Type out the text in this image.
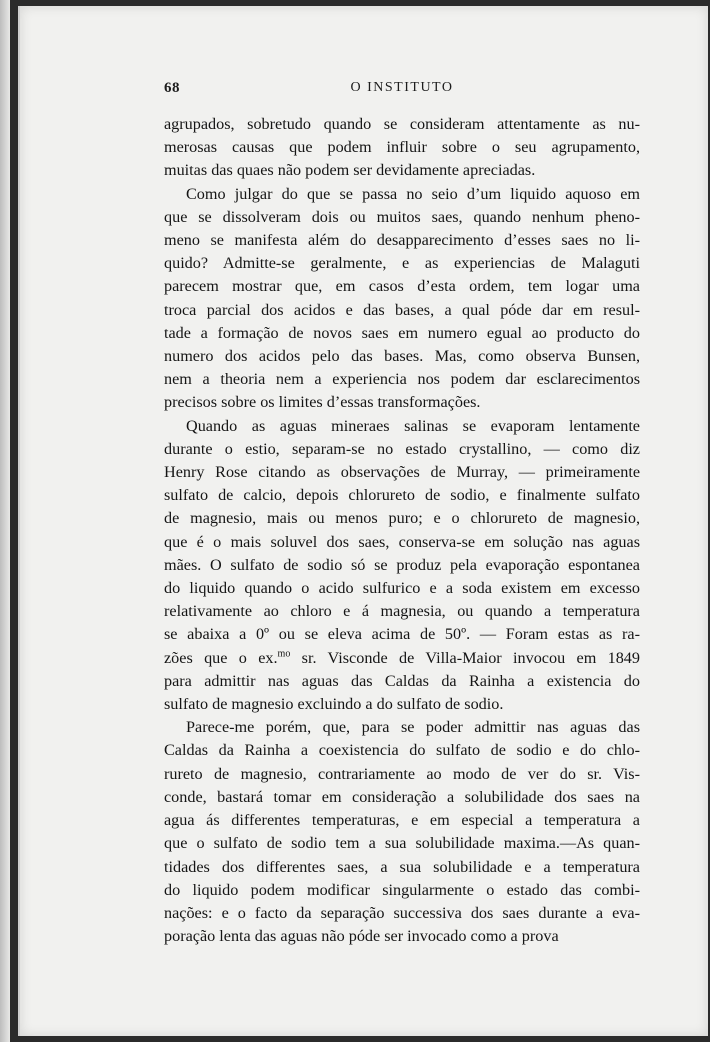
68	O INSTITUTO

agrupados, sobretudo quando se consideram attentamente as nu-
merosas causas que podem influir sobre o seu agrupamento,
muitas das quaes não podem ser devidamente apreciadas.

Como julgar do que se passa no seio d’um liquido aquoso em
que se dissolveram dois ou muitos saes, quando nenhum pheno-
meno se manifesta além do desapparecimento d’esses saes no li-
quido? Admitte-se geralmente, e as experiencias de Malaguti
parecem mostrar que, em casos d’esta ordem, tem logar uma
troca parcial dos acidos e das bases, a qual póde dar em resul-
tade a formação de novos saes em numero egual ao producto do
numero dos acidos pelo das bases. Mas, como observa Bunsen,
nem a theoria nem a experiencia nos podem dar esclarecimentos
precisos sobre os limites d’essas transformações.

Quando as aguas mineraes salinas se evaporam lentamente
durante o estio, separam-se no estado crystallino, — como diz
Henry Rose citando as observações de Murray, — primeiramente
sulfato de calcio, depois chlorureto de sodio, e finalmente sulfato
de magnesio, mais ou menos puro; e o chlorureto de magnesio,
que é o mais soluvel dos saes, conserva-se em solução nas aguas
mães. O sulfato de sodio só se produz pela evaporação espontanea
do liquido quando o acido sulfurico e a soda existem em excesso
relativamente ao chloro e á magnesia, ou quando a temperatura
se abaixa a 0º ou se eleva acima de 50º. — Foram estas as ra-
zões que o ex.$^{mo}$ sr. Visconde de Villa-Maior invocou em 1849
para admittir nas aguas das Caldas da Rainha a existencia do
sulfato de magnesio excluindo a do sulfato de sodio.

Parece-me porém, que, para se poder admittir nas aguas das
Caldas da Rainha a coexistencia do sulfato de sodio e do chlo-
rureto de magnesio, contrariamente ao modo de ver do sr. Vis-
conde, bastará tomar em consideração a solubilidade dos saes na
agua ás differentes temperaturas, e em especial a temperatura a
que o sulfato de sodio tem a sua solubilidade maxima.—As quan-
tidades dos differentes saes, a sua solubilidade e a temperatura
do liquido podem modificar singularmente o estado das combi-
nações: e o facto da separação successiva dos saes durante a eva-
poração lenta das aguas não póde ser invocado como a prova
